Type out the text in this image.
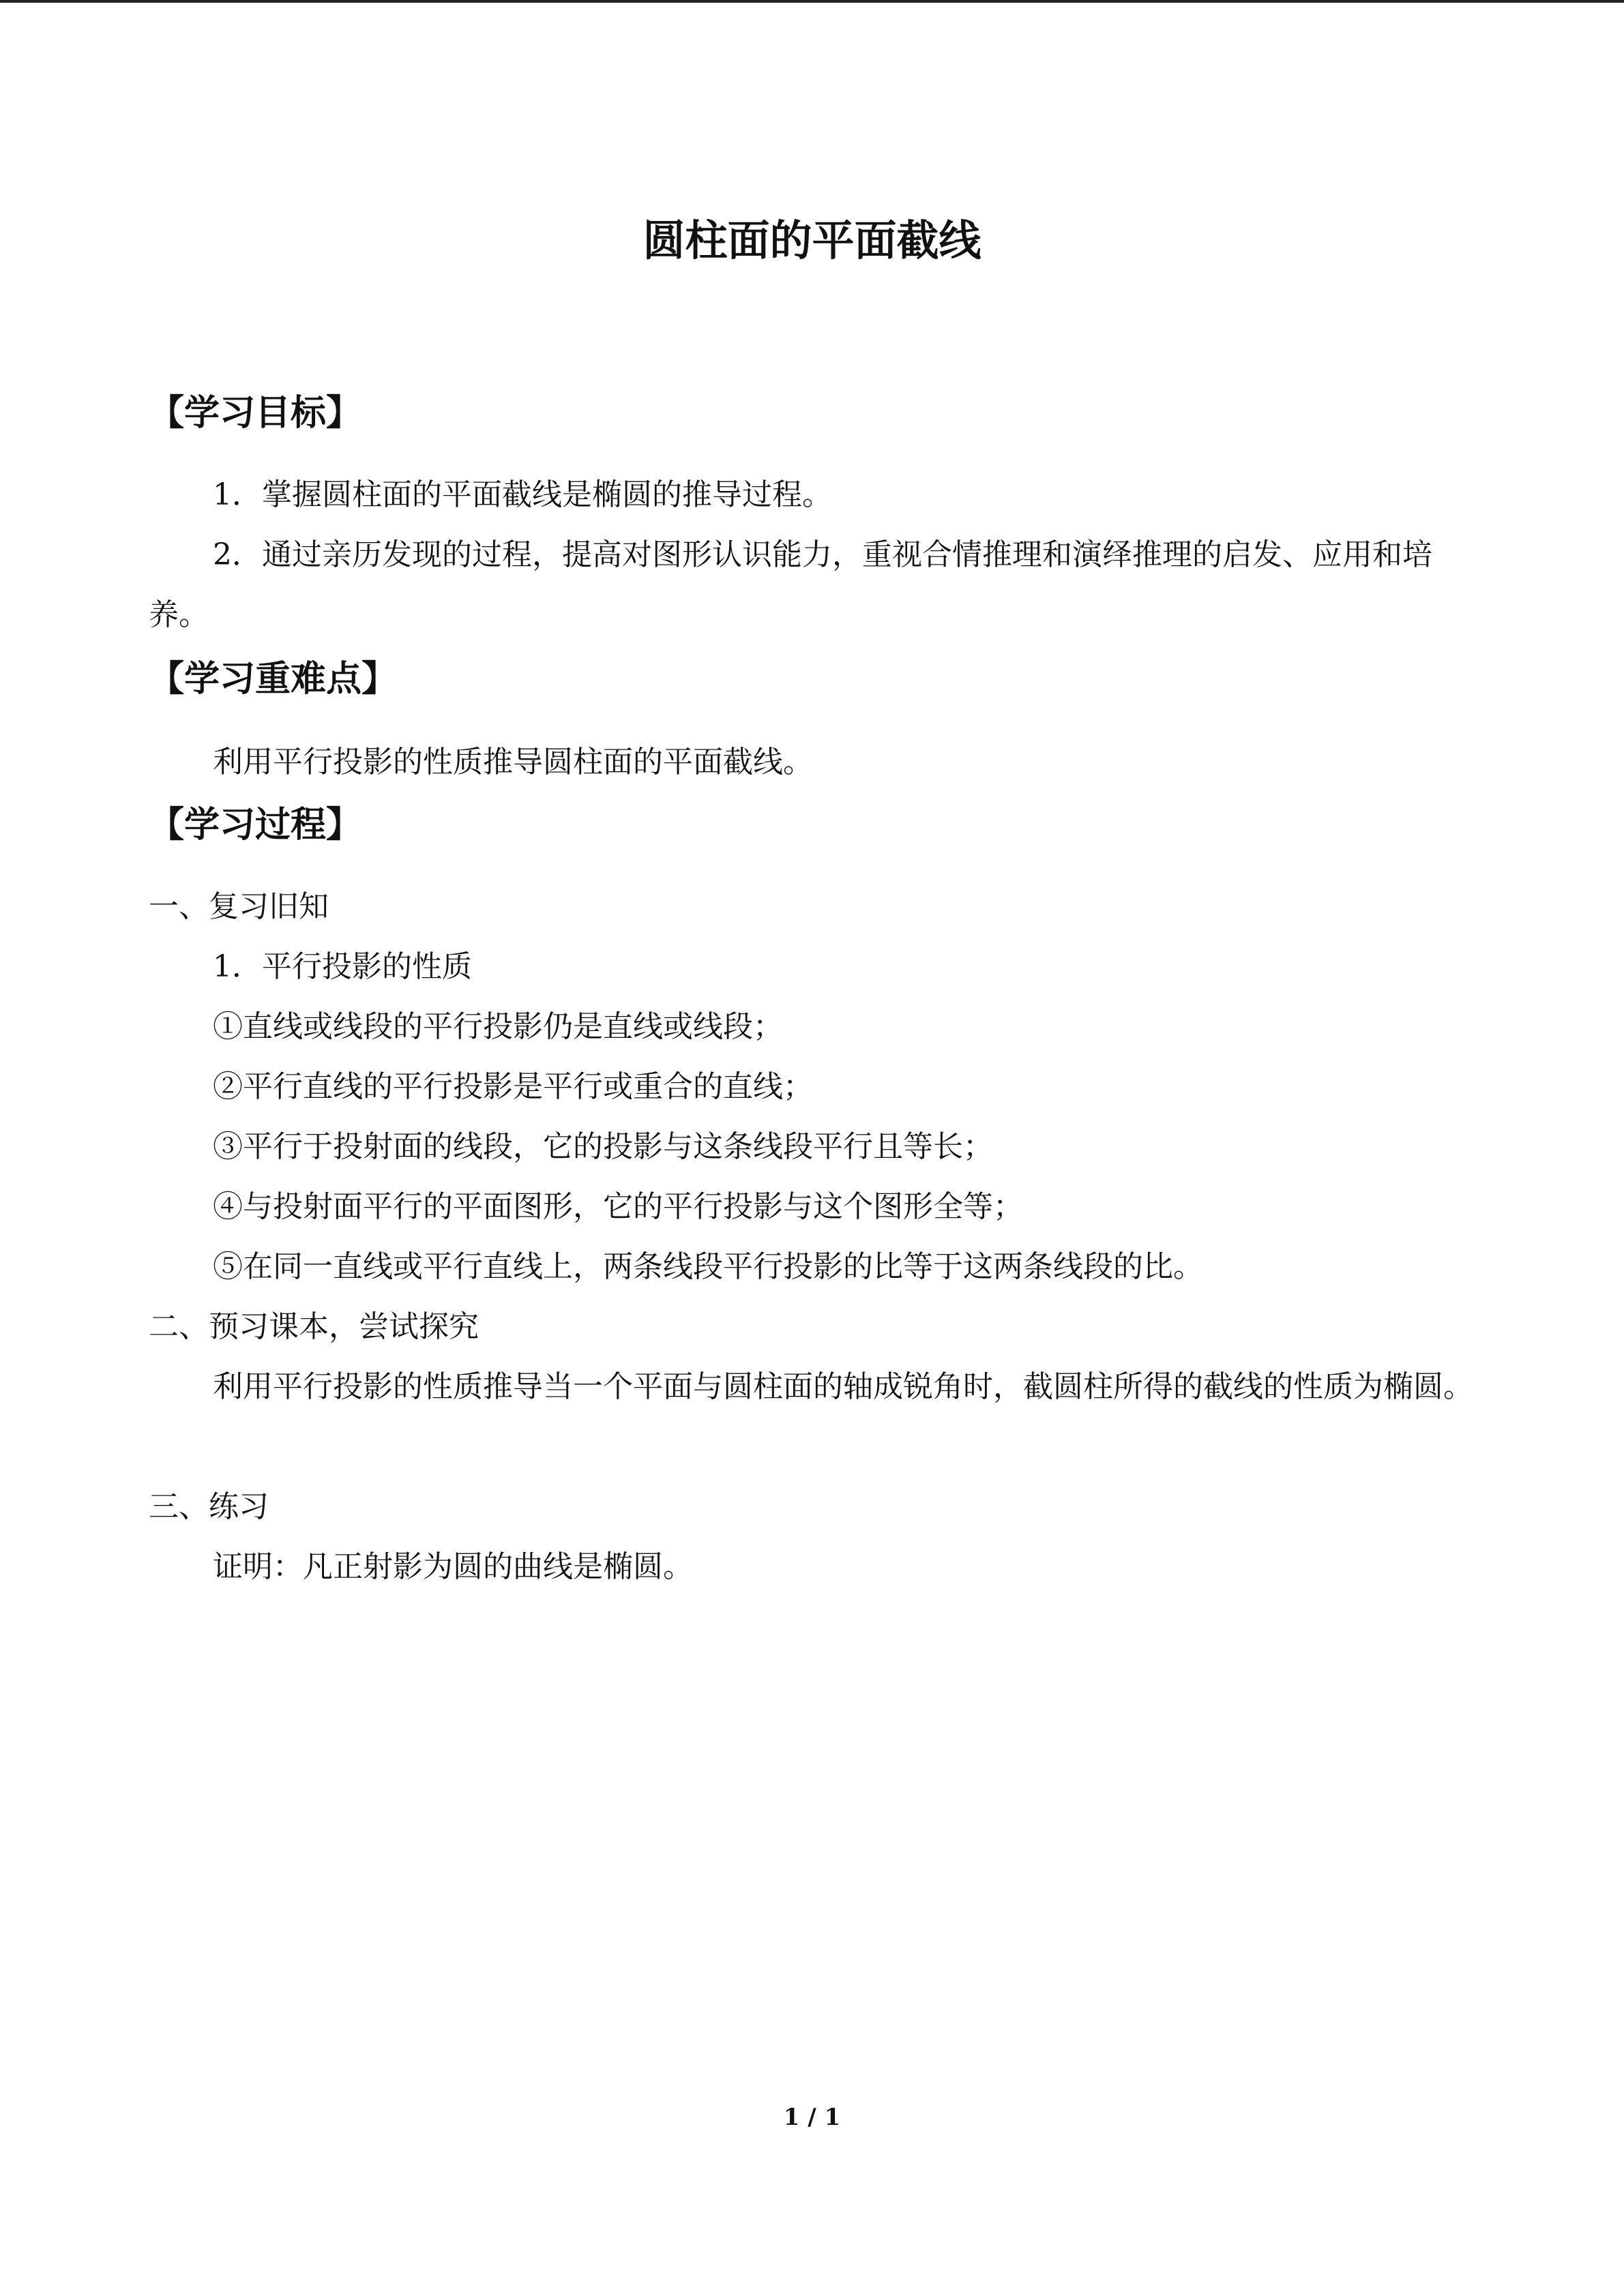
圆柱面的平面截线
【学习目标】

1．掌握圆柱面的平面截线是椭圆的推导过程。

2．通过亲历发现的过程，提高对图形认识能力，重视合情推理和演绎推理的启发、应用和培养。

【学习重难点】

利用平行投影的性质推导圆柱面的平面截线。

【学习过程】

一、复习旧知

1．平行投影的性质

①直线或线段的平行投影仍是直线或线段；

②平行直线的平行投影是平行或重合的直线；

③平行于投射面的线段，它的投影与这条线段平行且等长；

④与投射面平行的平面图形，它的平行投影与这个图形全等；

⑤在同一直线或平行直线上，两条线段平行投影的比等于这两条线段的比。

二、预习课本，尝试探究

利用平行投影的性质推导当一个平面与圆柱面的轴成锐角时，截圆柱所得的截线的性质为椭圆。

三、练习

证明：凡正射影为圆的曲线是椭圆。

1 / 1
